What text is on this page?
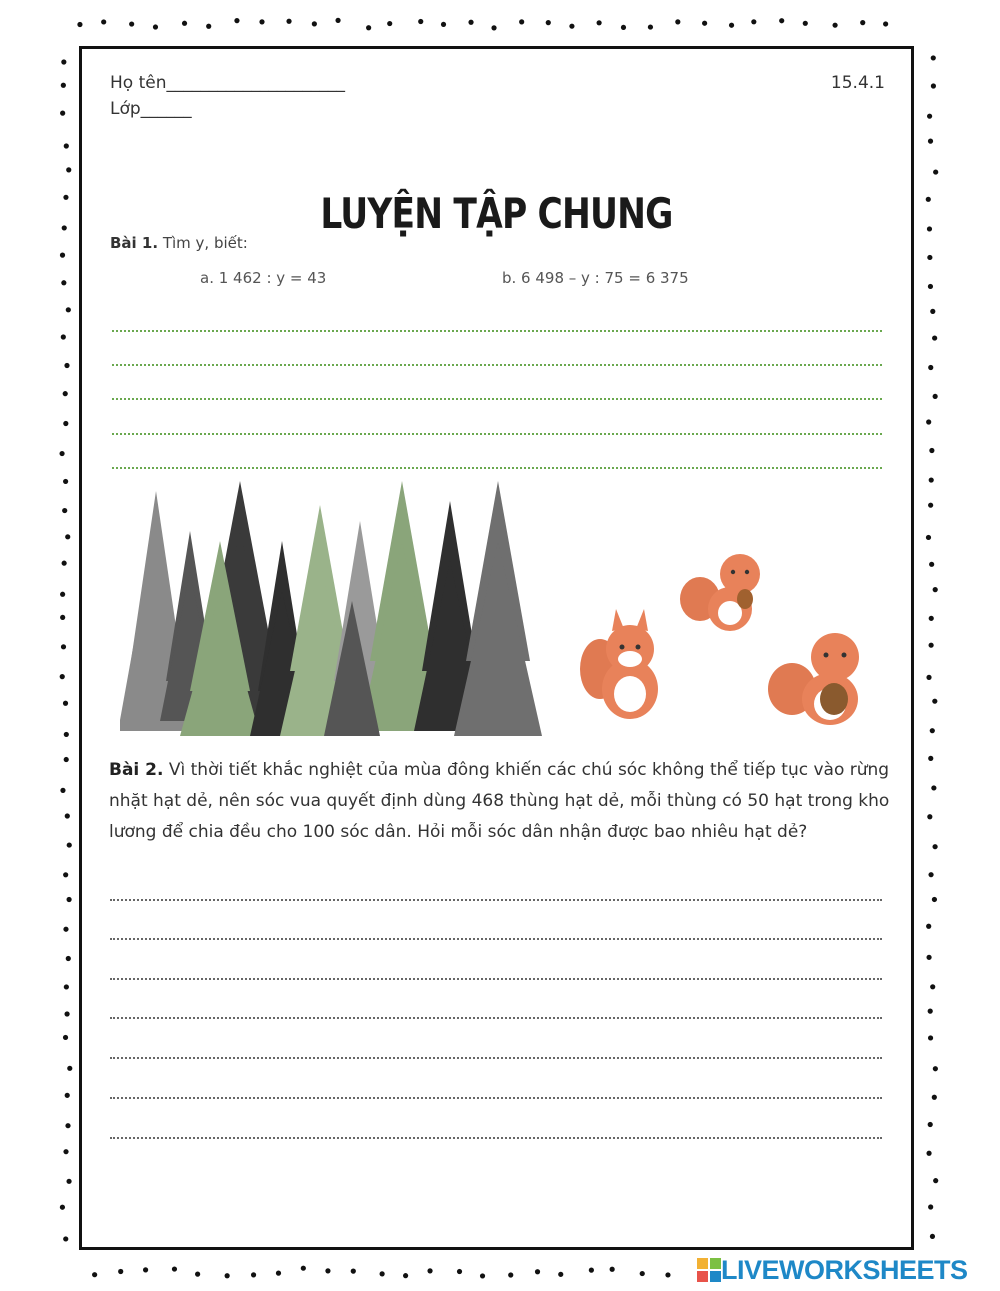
Họ tên_____________________
Lớp______
15.4.1
LUYỆN TẬP CHUNG
Bài 1. Tìm y, biết:
a. 1 462 : y = 43	b. 6 498 – y : 75 = 6 375

Bài 2. Vì thời tiết khắc nghiệt của mùa đông khiến các chú sóc không thể tiếp tục vào rừng nhặt hạt dẻ, nên sóc vua quyết định dùng 468 thùng hạt dẻ, mỗi thùng có 50 hạt trong kho lương để chia đều cho 100 sóc dân. Hỏi mỗi sóc dân nhận được bao nhiêu hạt dẻ?

LIVEWORKSHEETS
